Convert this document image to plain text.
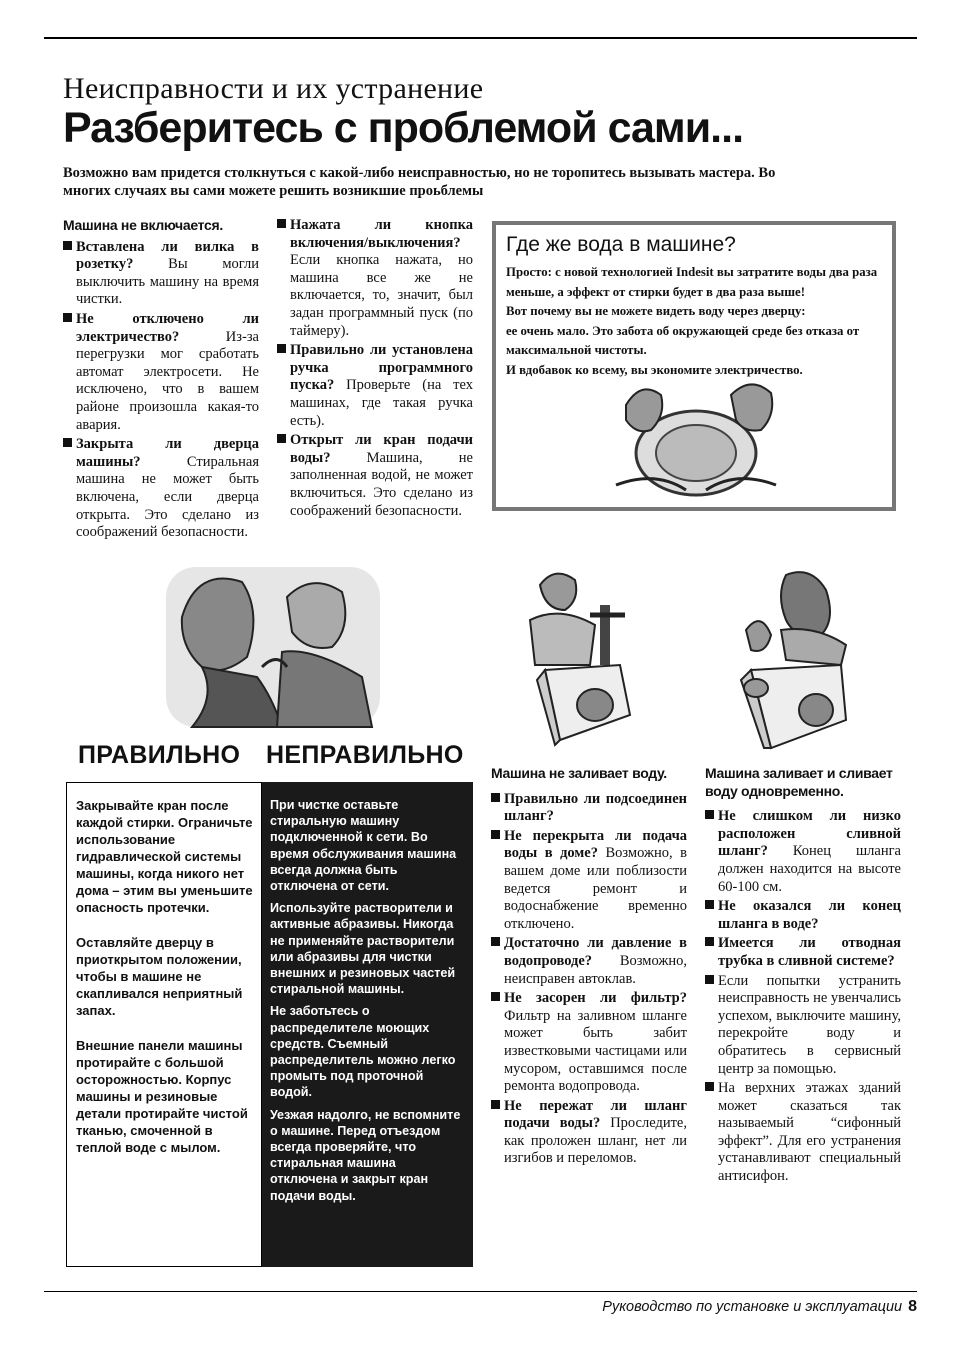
Неисправности и их устранение
Разберитесь с проблемой сами...
Возможно вам придется столкнуться с какой-либо неисправностью, но не торопитесь вызывать мастера. Во многих случаях вы сами можете решить возникшие проьблемы

Машина не включается.

Вставлена ли вилка в розетку? Вы могли выключить машину на время чистки.

Не отключено ли электричество? Из-за перегрузки мог сработать автомат электросети. Не исключено, что в вашем районе произошла какая-то авария.

Закрыта ли дверца машины? Стиральная машина не может быть включена, если дверца открыта. Это сделано из соображений безопасности.

Нажата ли кнопка включения/выключения? Если кнопка нажата, но машина все же не включается, то, значит, был задан программный пуск (по таймеру).

Правильно ли установлена ручка программного пуска? Проверьте (на тех машинах, где такая ручка есть).

Открыт ли кран подачи воды? Машина, не заполненная водой, не может включиться. Это сделано из соображений безопасности.

Где же вода в машине?

Просто: с новой технологией Indesit вы затратите воды два раза меньше, а эффект от стирки будет в два раза выше!

Вот почему вы не можете видеть воду через дверцу:

ее очень мало. Это забота об окружающей среде без отказа от максимальной чистоты.

И вдобавок ко всему, вы экономите электричество.

ПРАВИЛЬНО НЕПРАВИЛЬНО

Закрывайте кран после каждой стирки. Ограничьте использование гидравлической системы машины, когда никого нет дома – этим вы уменьшите опасность протечки.

Оставляйте дверцу в приоткрытом положении, чтобы в машине не скапливался неприятный запах.

Внешние панели машины протирайте с большой осторожностью. Корпус машины и резиновые детали протирайте чистой тканью, смоченной в теплой воде с мылом.

При чистке оставьте стиральную машину подключенной к сети. Во время обслуживания машина всегда должна быть отключена от сети.

Используйте растворители и активные абразивы. Никогда не применяйте растворители или абразивы для чистки внешних и резиновых частей стиральной машины.

Не заботьтесь о распределителе моющих средств. Съемный распределитель можно легко промыть под проточной водой.

Уезжая надолго, не вспомните о машине. Перед отъездом всегда проверяйте, что стиральная машина отключена и закрыт кран подачи воды.

Машина не заливает воду.

Правильно ли подсоединен шланг?

Не перекрыта ли подача воды в доме? Возможно, в вашем доме или поблизости ведется ремонт и водоснабжение временно отключено.

Достаточно ли давление в водопроводе? Возможно, неисправен автоклав.

Не засорен ли фильтр? Фильтр на заливном шланге может быть забит известковыми частицами или мусором, оставшимся после ремонта водопровода.

Не пережат ли шланг подачи воды? Проследите, как проложен шланг, нет ли изгибов и переломов.

Машина заливает и сливает воду одновременно.

Не слишком ли низко расположен сливной шланг? Конец шланга должен находится на высоте 60-100 см.

Не оказался ли конец шланга в воде?

Имеется ли отводная трубка в сливной системе?

Если попытки устранить неисправность не увенчались успехом, выключите машину, перекройте воду и обратитесь в сервисный центр за помощью.

На верхних этажах зданий может сказаться так называемый “сифонный эффект”. Для его устранения устанавливают специальный антисифон.

Руководство по установке и эксплуатации 8
